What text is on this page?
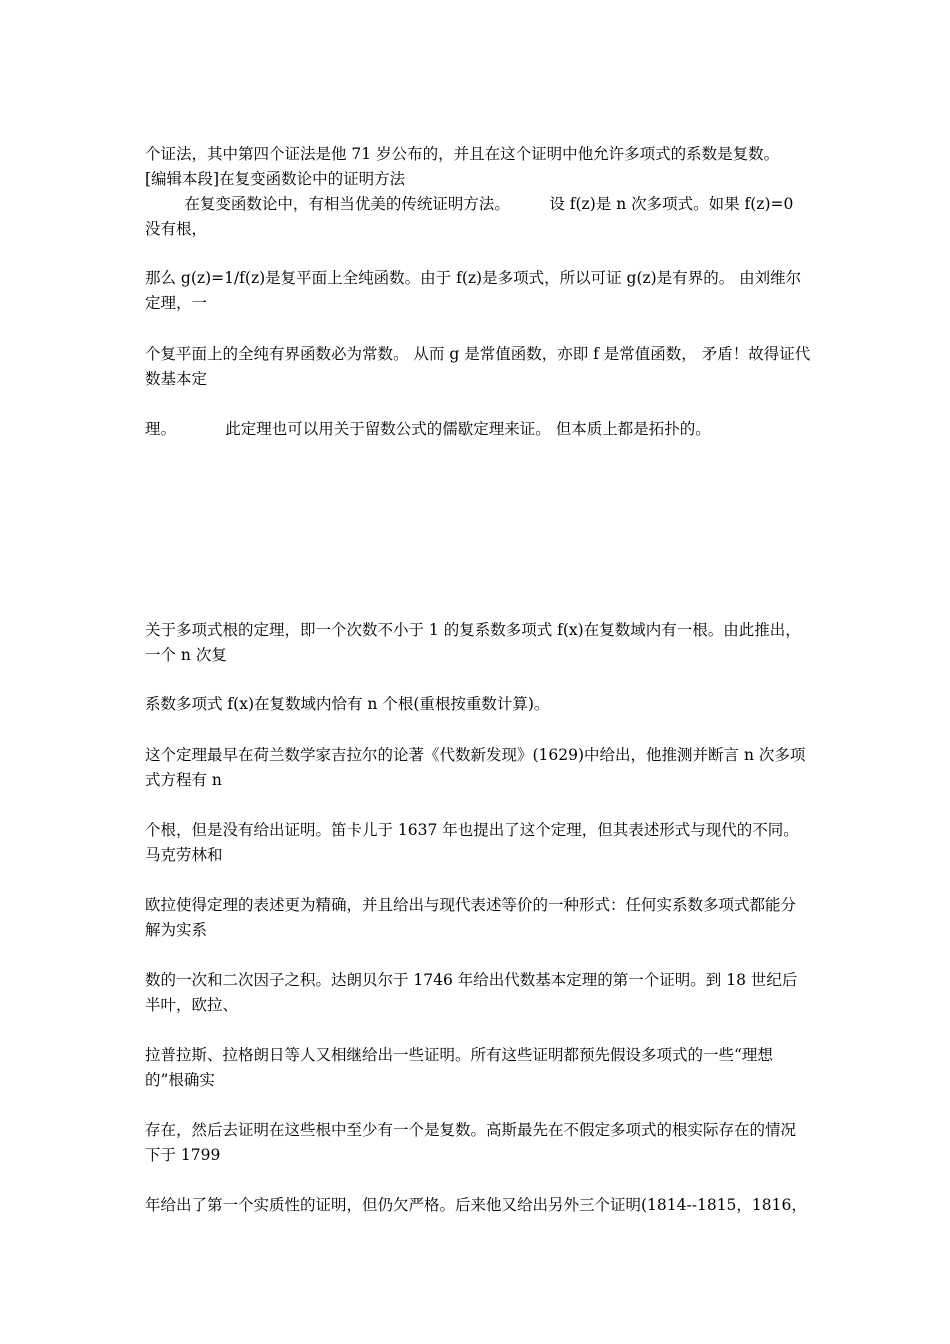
个证法，其中第四个证法是他 71 岁公布的，并且在这个证明中他允许多项式的系数是复数。

[编辑本段]在复变函数论中的证明方法

在复变函数论中，有相当优美的传统证明方法。        设 f(z)是 n 次多项式。如果 f(z)=0 没有根，

那么 g(z)=1/f(z)是复平面上全纯函数。由于 f(z)是多项式，所以可证 g(z)是有界的。 由刘维尔定理，一

个复平面上的全纯有界函数必为常数。 从而 g 是常值函数，亦即 f 是常值函数， 矛盾！故得证代数基本定

理。          此定理也可以用关于留数公式的儒歇定理来证。 但本质上都是拓扑的。

关于多项式根的定理，即一个次数不小于 1 的复系数多项式 f(x)在复数域内有一根。由此推出，一个 n 次复

系数多项式 f(x)在复数域内恰有 n 个根(重根按重数计算)。

这个定理最早在荷兰数学家吉拉尔的论著《代数新发现》(1629)中给出，他推测并断言 n 次多项式方程有 n

个根，但是没有给出证明。笛卡儿于 1637 年也提出了这个定理，但其表述形式与现代的不同。马克劳林和

欧拉使得定理的表述更为精确，并且给出与现代表述等价的一种形式：任何实系数多项式都能分解为实系

数的一次和二次因子之积。达朗贝尔于 1746 年给出代数基本定理的第一个证明。到 18 世纪后半叶，欧拉、

拉普拉斯、拉格朗日等人又相继给出一些证明。所有这些证明都预先假设多项式的一些“理想的”根确实

存在，然后去证明在这些根中至少有一个是复数。高斯最先在不假定多项式的根实际存在的情况下于 1799

年给出了第一个实质性的证明，但仍欠严格。后来他又给出另外三个证明(1814--1815，1816，
